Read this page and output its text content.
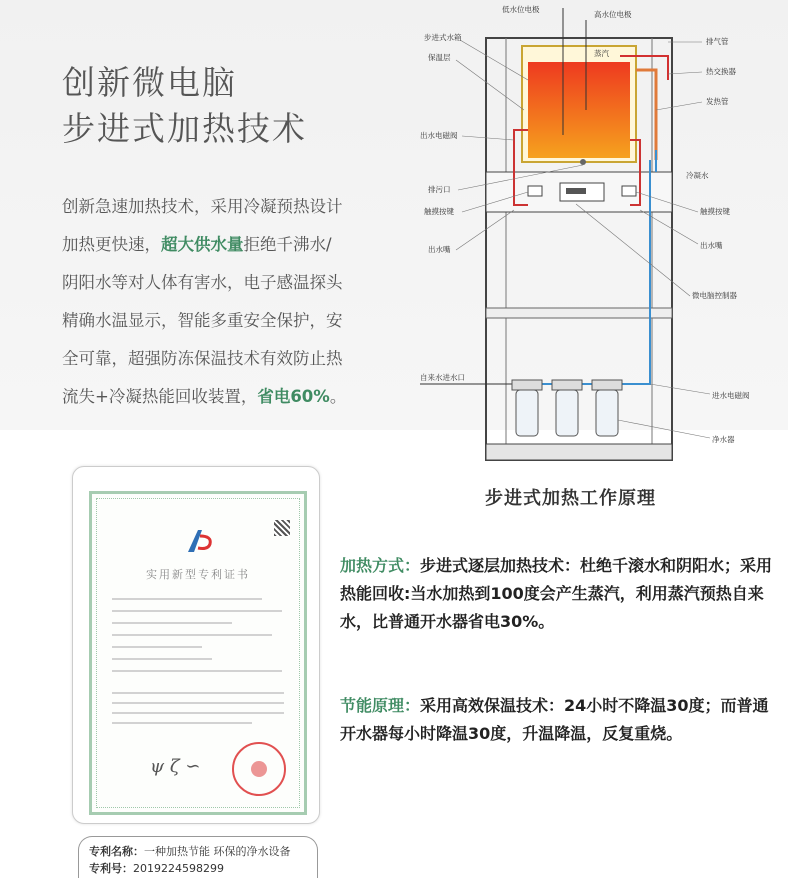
创新微电脑
步进式加热技术
创新急速加热技术，采用冷凝预热设计加热更快速，超大供水量拒绝千沸水/ 阴阳水等对人体有害水，电子感温探头精确水温显示，智能多重安全保护，安全可靠，超强防冻保温技术有效防止热流失+冷凝热能回收装置，省电60%。
低水位电极
高水位电极
步进式水箱
保温层	蒸汽
排气管
热交换器
发热管
出水电磁阀
冷凝水
排污口
触摸按键	触摸按键
出水嘴	出水嘴
微电脑控制器
自来水进水口
进水电磁阀
净水器
步进式加热工作原理
实用新型专利证书
ψ ζ ∽
专利名称：一种加热节能 环保的净水设备
专利号：2019224598299
加热方式：步进式逐层加热技术：杜绝千滚水和阴阳水；采用热能回收:当水加热到100度会产生蒸汽，利用蒸汽预热自来水，比普通开水器省电30%。
节能原理：采用高效保温技术：24小时不降温30度；而普通开水器每小时降温30度，升温降温，反复重烧。
